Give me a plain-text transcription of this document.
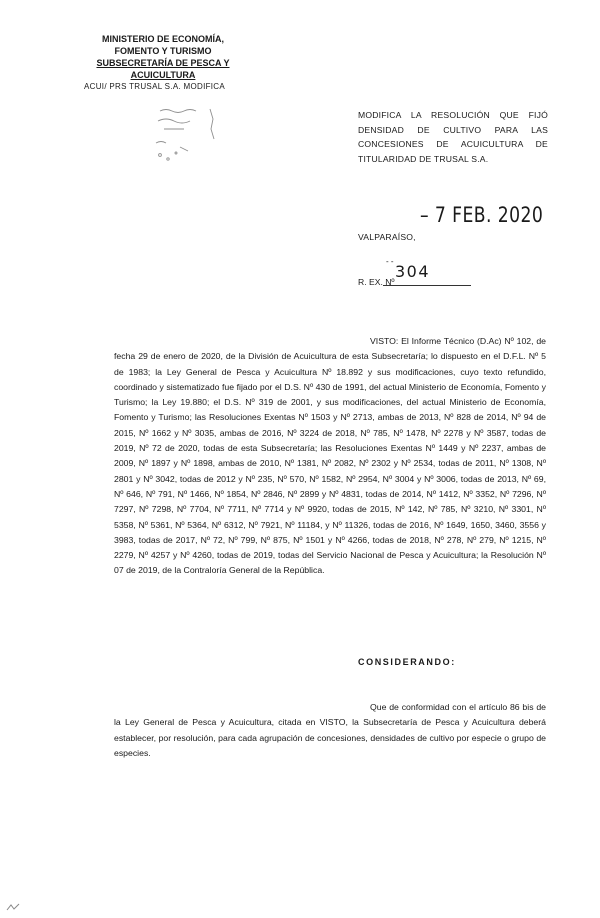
MINISTERIO DE ECONOMÍA,
FOMENTO Y TURISMO
SUBSECRETARÍA DE PESCA Y ACUICULTURA
ACUI/ PRS TRUSAL S.A. MODIFICA
MODIFICA LA RESOLUCIÓN QUE FIJÓ DENSIDAD DE CULTIVO PARA LAS CONCESIONES DE ACUICULTURA DE TITULARIDAD DE TRUSAL S.A.
VALPARAÍSO,
– 7 FEB. 2020
- -
R. EX. Nº
304

VISTO: El Informe Técnico (D.Ac) Nº 102, de fecha 29 de enero de 2020, de la División de Acuicultura de esta Subsecretaría; lo dispuesto en el D.F.L. Nº 5 de 1983; la Ley General de Pesca y Acuicultura Nº 18.892 y sus modificaciones, cuyo texto refundido, coordinado y sistematizado fue fijado por el D.S. Nº 430 de 1991, del actual Ministerio de Economía, Fomento y Turismo; la Ley 19.880; el D.S. Nº 319 de 2001, y sus modificaciones, del actual Ministerio de Economía, Fomento y Turismo; las Resoluciones Exentas Nº 1503 y Nº 2713, ambas de 2013, Nº 828 de 2014, Nº 94 de 2015, Nº 1662 y Nº 3035, ambas de 2016, Nº 3224 de 2018, Nº 785, Nº 1478, Nº 2278 y Nº 3587, todas de 2019, Nº 72 de 2020, todas de esta Subsecretaría; las Resoluciones Exentas Nº 1449 y Nº 2237, ambas de 2009, Nº 1897 y Nº 1898, ambas de 2010, Nº 1381, Nº 2082, Nº 2302 y Nº 2534, todas de 2011, Nº 1308, Nº 2801 y Nº 3042, todas de 2012 y Nº 235, Nº 570, Nº 1582, Nº 2954, Nº 3004 y Nº 3006, todas de 2013, Nº 69, Nº 646, Nº 791, Nº 1466, Nº 1854, Nº 2846, Nº 2899 y Nº 4831, todas de 2014, Nº 1412, Nº 3352, Nº 7296, Nº 7297, Nº 7298, Nº 7704, Nº 7711, Nº 7714 y Nº 9920, todas de 2015, Nº 142, Nº 785, Nº 3210, Nº 3301, Nº 5358, Nº 5361, Nº 5364, Nº 6312, Nº 7921, Nº 11184, y Nº 11326, todas de 2016, Nº 1649, 1650, 3460, 3556 y 3983, todas de 2017, Nº 72, Nº 799, Nº 875, Nº 1501 y Nº 4266, todas de 2018, Nº 278, Nº 279, Nº 1215, Nº 2279, Nº 4257 y Nº 4260, todas de 2019, todas del Servicio Nacional de Pesca y Acuicultura; la Resolución Nº 07 de 2019, de la Contraloría General de la República.

CONSIDERANDO:

Que de conformidad con el artículo 86 bis de la Ley General de Pesca y Acuicultura, citada en VISTO, la Subsecretaría de Pesca y Acuicultura deberá establecer, por resolución, para cada agrupación de concesiones, densidades de cultivo por especie o grupo de especies.
